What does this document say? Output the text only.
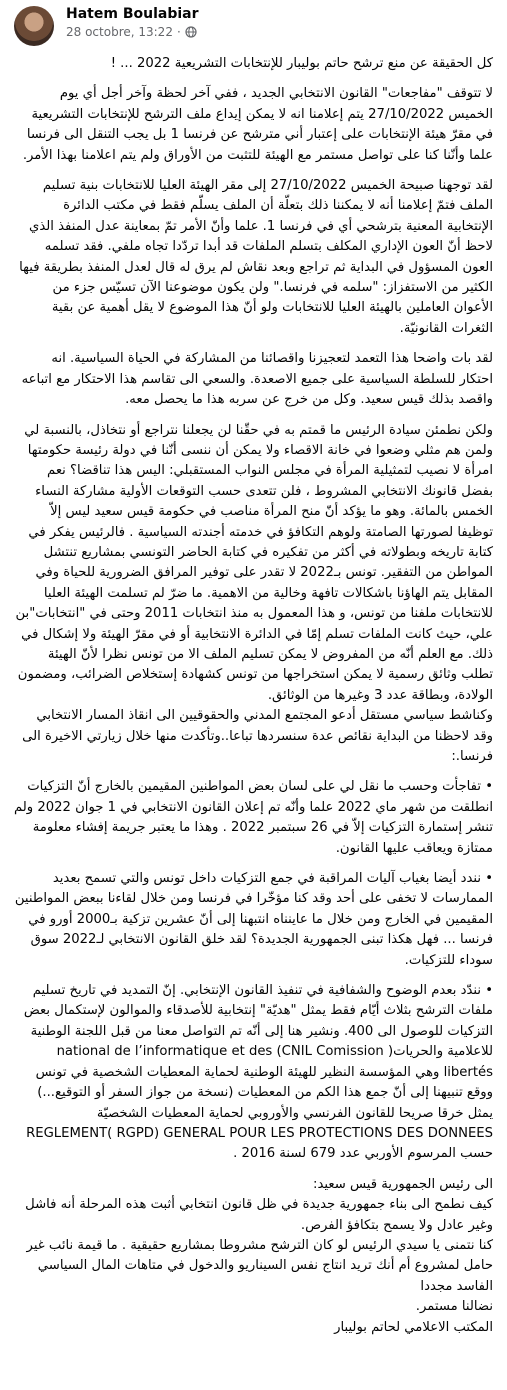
Hatem Boulabiar
28 octobre, 13:22 ·

كل الحقيقة عن منع ترشح حاتم بوليبار للإنتخابات التشريعية 2022 ... !

لا تتوقف "مفاجعات" القانون الانتخابي الجديد ، ففي آخر لحظة وآخر أجل أي يوم الخميس 27/10/2022 يتم إعلامنا انه لا يمكن إيداع ملف الترشح للإنتخابات التشريعية في مقرّ هيئة الإنتخابات على إعتبار أني مترشح عن فرنسا 1 بل يجب التنقل الى فرنسا علما وأنّنا كنا على تواصل مستمر مع الهيئة للتثبت من الأوراق ولم يتم اعلامنا بهذا الأمر.

لقد توجهنا صبيحة الخميس 27/10/2022 إلى مقر الهيئة العليا للانتخابات بنية تسليم الملف فتمّ إعلامنا أنه لا يمكننا ذلك بتعلّة أن الملف يسلّم فقط في مكتب الدائرة الإنتخابية المعنية بترشحي أي في فرنسا 1. علما وأنّ الأمر تمّ بمعاينة عدل المنفذ الذي لاحظ أنّ العون الإداري المكلف بتسلم الملفات قد أبدا تردّدا تجاه ملفي. فقد تسلمه العون المسؤول في البداية ثم تراجع وبعد نقاش لم يرق له قال لعدل المنفذ بطريقة فيها الكثير من الاستفزاز: "سلمه في فرنسا." ولن يكون موضوعنا الآن تسيّس جزء من الأعوان العاملين بالهيئة العليا للانتخابات ولو أنّ هذا الموضوع لا يقل أهمية عن بقية الثغرات القانونيّة.

لقد بات واضحا هذا التعمد لتعجيزنا واقصائنا من المشاركة في الحياة السياسية. انه احتكار للسلطة السياسية على جميع الاصعدة. والسعي الى تقاسم هذا الاحتكار مع اتباعه واقصد بذلك قيس سعيد. وكل من خرج عن سربه هذا ما يحصل معه.

ولكن نطمئن سيادة الرئيس ما قمتم به في حقّنا لن يجعلنا نتراجع أو نتخاذل، بالنسبة لي ولمن هم مثلي وضعوا في خانة الاقصاء ولا يمكن أن ننسى أنّنا في دولة رئيسة حكومتها امرأة لا نصيب لتمثيلية المرأة في مجلس النواب المستقبلي: اليس هذا تناقضا؟ نعم بفضل قانونك الانتخابي المشروط ، فلن تتعدى حسب التوقعات الأولية مشاركة النساء الخمس بالمائة. وهو ما يؤكد أنّ منح المرأة مناصب في حكومة قيس سعيد ليس إلاّ توظيفا لصورتها الصامتة ولوهم التكافؤ في خدمته أجندته السياسية . فالرئيس يفكر في كتابة تاريخه وبطولاته في أكثر من تفكيره في كتابة الحاضر التونسي بمشاريع تنتشل المواطن من التفقير. تونس بـ2022 لا تقدر على توفير المرافق الضرورية للحياة وفي المقابل يتم الهاؤنا باشكالات تافهة وخالية من الاهمية. ما ضرّ لم تسلمت الهيئة العليا للانتخابات ملفنا من تونس، و هذا المعمول به منذ انتخابات 2011 وحتى في "انتخابات"بن علي، حيث كانت الملفات تسلم إمّا في الدائرة الانتخابية أو في مقرّ الهيئة ولا إشكال في ذلك. مع العلم أنّه من المفروض لا يمكن تسليم الملف الا من تونس نظرا لأنّ الهيئة تطلب وثائق رسمية لا يمكن استخراجها من تونس كشهادة إستخلاص الضرائب، ومضمون الولادة، وبطاقة عدد 3 وغيرها من الوثائق.

وكناشط سياسي مستقل أدعو المجتمع المدني والحقوقيين الى انقاذ المسار الانتخابي وقد لاحظنا من البداية نقائص عدة سنسردها تباعا..وتأكدت منها خلال زيارتي الاخيرة الى فرنسا.:

• تفاجأت وحسب ما نقل لي على لسان بعض المواطنين المقيمين بالخارج أنّ التزكيات انطلقت من شهر ماي 2022 علما وأنّه تم إعلان القانون الانتخابي في 1 جوان 2022 ولم تنشر إستمارة التزكيات إلاّ في 26 سبتمبر 2022 . وهذا ما يعتبر جريمة إفشاء معلومة ممتازة ويعاقب عليها القانون.

• نندد أيضا بغياب آليات المراقبة في جمع التزكيات داخل تونس والتي تسمح بعديد الممارسات لا تخفى على أحد وقد كنا مؤخّرا في فرنسا ومن خلال لقاءنا ببعض المواطنين المقيمين في الخارج ومن خلال ما عاينناه انتبهنا إلى أنّ عشرين تزكية بـ2000 أورو في فرنسا ... فهل هكذا تبنى الجمهورية الجديدة؟ لقد خلق القانون الانتخابي لـ2022 سوق سوداء للتزكيات.

• نندّد بعدم الوضوح والشفافية في تنفيذ القانون الإنتخابي. إنّ التمديد في تاريخ تسليم ملفات الترشح بثلاث أيّام فقط يمثل "هديّة" إنتخابية للأصدقاء والموالون لإستكمال بعض التزكيات للوصول الى 400. ونشير هنا إلى أنّه تم التواصل معنا من قبل اللجنة الوطنية للاعلامية والحريات( CNIL Comission) national de l’informatique et des libertés وهي المؤسسة النظير للهيئة الوطنية لحماية المعطيات الشخصية في تونس ووقع تنبيهنا إلى أنّ جمع هذا الكم من المعطيات (نسخة من جواز السفر أو التوقيع...) يمثل خرقا صريحا للقانون الفرنسي والأوروبي لحماية المعطيات الشخصيّة REGLEMENT( RGPD) GENERAL POUR LES PROTECTIONS DES DONNEES حسب المرسوم الأوربي عدد 679 لسنة 2016 .

الى رئيس الجمهورية قيس سعيد:

كيف نطمح الى بناء جمهورية جديدة في ظل قانون انتخابي أثبت هذه المرحلة أنه فاشل وغير عادل ولا يسمح بتكافؤ الفرص.

كنا نتمنى يا سيدي الرئيس لو كان الترشح مشروطا بمشاريع حقيقية . ما قيمة نائب غير حامل لمشروع أم أنك تريد انتاج نفس السيناريو والدخول في متاهات المال السياسي الفاسد مجددا

نضالنا مستمر.

المكتب الاعلامي لحاتم بوليبار
